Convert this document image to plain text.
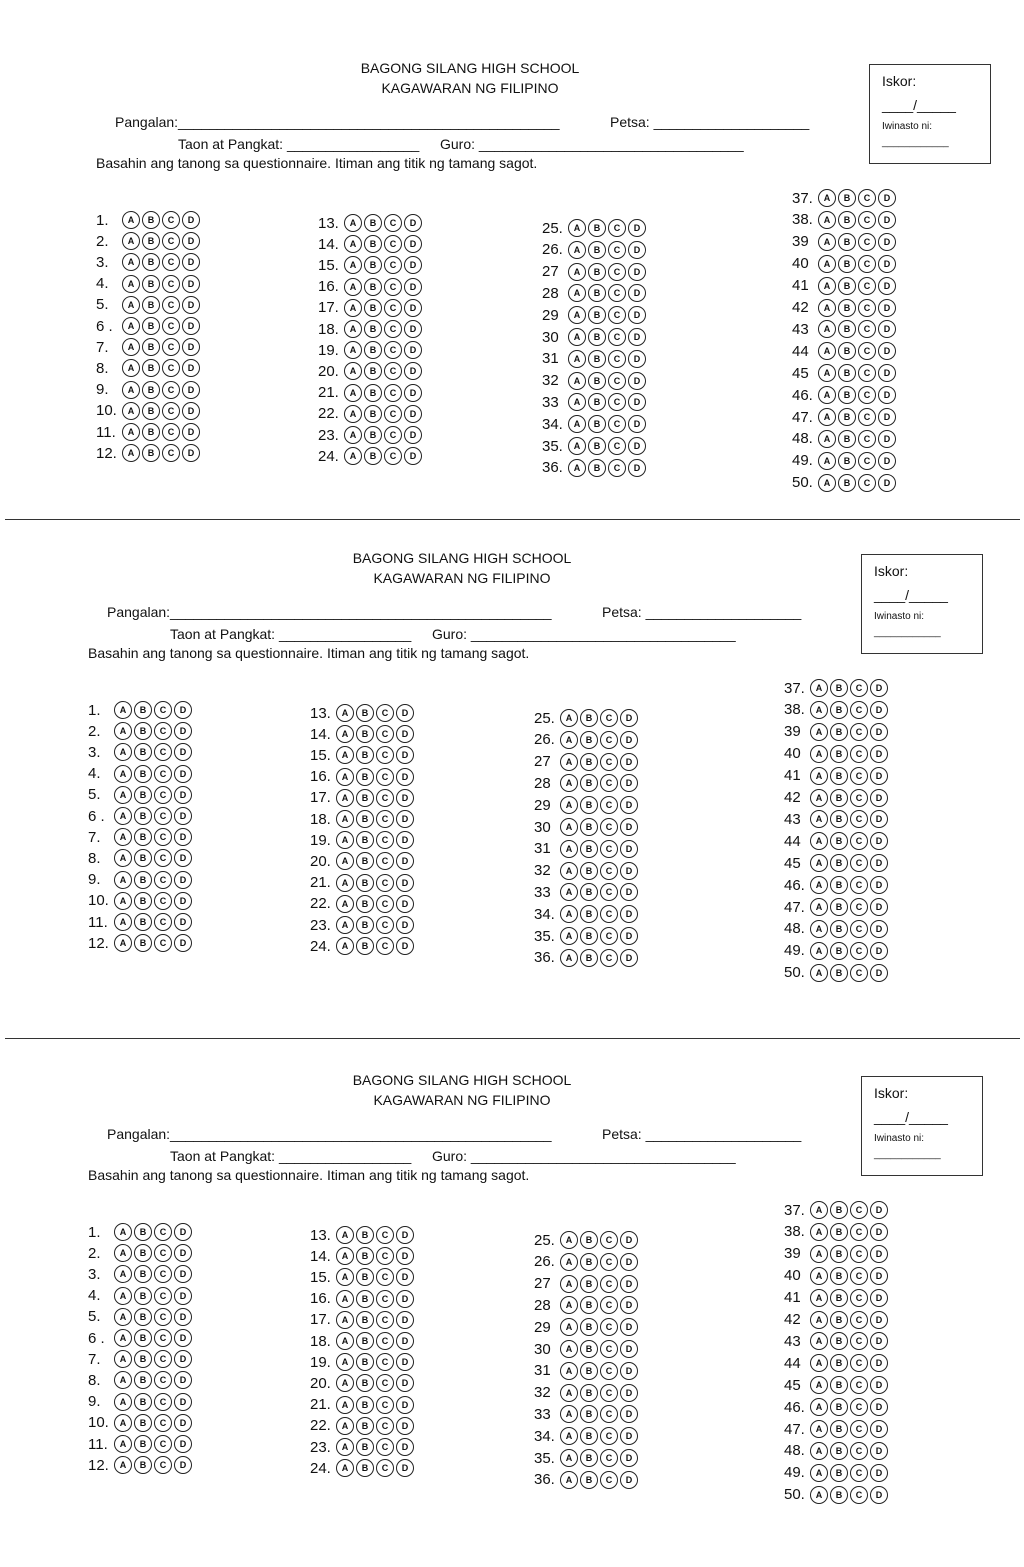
BAGONG SILANG HIGH SCHOOL
KAGAWARAN NG FILIPINO
Pangalan:_________________________________________________	Petsa: ____________________
Taon at Pangkat: _________________ Guro: __________________________________
Basahin ang tanong sa questionnaire. Itiman ang titik ng tamang sagot.
Iskor:
____/_____
Iwinasto ni:
____________
1.	A	B	C	D
2.	A	B	C	D
3.	A	B	C	D
4.	A	B	C	D
5.	A	B	C	D
6 .	A	B	C	D
7.	A	B	C	D
8.	A	B	C	D
9.	A	B	C	D
10.	A	B	C	D
11.	A	B	C	D
12.	A	B	C	D
13.	A	B	C	D
14.	A	B	C	D
15.	A	B	C	D
16.	A	B	C	D
17.	A	B	C	D
18.	A	B	C	D
19.	A	B	C	D
20.	A	B	C	D
21.	A	B	C	D
22.	A	B	C	D
23.	A	B	C	D
24.	A	B	C	D
25.	A	B	C	D
26.	A	B	C	D
27	A	B	C	D
28	A	B	C	D
29	A	B	C	D
30	A	B	C	D
31	A	B	C	D
32	A	B	C	D
33	A	B	C	D
34.	A	B	C	D
35.	A	B	C	D
36.	A	B	C	D
37.	A	B	C	D
38.	A	B	C	D
39	A	B	C	D
40	A	B	C	D
41	A	B	C	D
42	A	B	C	D
43	A	B	C	D
44	A	B	C	D
45	A	B	C	D
46.	A	B	C	D
47.	A	B	C	D
48.	A	B	C	D
49.	A	B	C	D
50.	A	B	C	D
BAGONG SILANG HIGH SCHOOL
KAGAWARAN NG FILIPINO
Pangalan:_________________________________________________	Petsa: ____________________
Taon at Pangkat: _________________ Guro: __________________________________
Basahin ang tanong sa questionnaire. Itiman ang titik ng tamang sagot.
Iskor:
____/_____
Iwinasto ni:
____________
1.	A	B	C	D
2.	A	B	C	D
3.	A	B	C	D
4.	A	B	C	D
5.	A	B	C	D
6 .	A	B	C	D
7.	A	B	C	D
8.	A	B	C	D
9.	A	B	C	D
10.	A	B	C	D
11.	A	B	C	D
12.	A	B	C	D
13.	A	B	C	D
14.	A	B	C	D
15.	A	B	C	D
16.	A	B	C	D
17.	A	B	C	D
18.	A	B	C	D
19.	A	B	C	D
20.	A	B	C	D
21.	A	B	C	D
22.	A	B	C	D
23.	A	B	C	D
24.	A	B	C	D
25.	A	B	C	D
26.	A	B	C	D
27	A	B	C	D
28	A	B	C	D
29	A	B	C	D
30	A	B	C	D
31	A	B	C	D
32	A	B	C	D
33	A	B	C	D
34.	A	B	C	D
35.	A	B	C	D
36.	A	B	C	D
37.	A	B	C	D
38.	A	B	C	D
39	A	B	C	D
40	A	B	C	D
41	A	B	C	D
42	A	B	C	D
43	A	B	C	D
44	A	B	C	D
45	A	B	C	D
46.	A	B	C	D
47.	A	B	C	D
48.	A	B	C	D
49.	A	B	C	D
50.	A	B	C	D
BAGONG SILANG HIGH SCHOOL
KAGAWARAN NG FILIPINO
Pangalan:_________________________________________________	Petsa: ____________________
Taon at Pangkat: _________________ Guro: __________________________________
Basahin ang tanong sa questionnaire. Itiman ang titik ng tamang sagot.
Iskor:
____/_____
Iwinasto ni:
____________
1.	A	B	C	D
2.	A	B	C	D
3.	A	B	C	D
4.	A	B	C	D
5.	A	B	C	D
6 .	A	B	C	D
7.	A	B	C	D
8.	A	B	C	D
9.	A	B	C	D
10.	A	B	C	D
11.	A	B	C	D
12.	A	B	C	D
13.	A	B	C	D
14.	A	B	C	D
15.	A	B	C	D
16.	A	B	C	D
17.	A	B	C	D
18.	A	B	C	D
19.	A	B	C	D
20.	A	B	C	D
21.	A	B	C	D
22.	A	B	C	D
23.	A	B	C	D
24.	A	B	C	D
25.	A	B	C	D
26.	A	B	C	D
27	A	B	C	D
28	A	B	C	D
29	A	B	C	D
30	A	B	C	D
31	A	B	C	D
32	A	B	C	D
33	A	B	C	D
34.	A	B	C	D
35.	A	B	C	D
36.	A	B	C	D
37.	A	B	C	D
38.	A	B	C	D
39	A	B	C	D
40	A	B	C	D
41	A	B	C	D
42	A	B	C	D
43	A	B	C	D
44	A	B	C	D
45	A	B	C	D
46.	A	B	C	D
47.	A	B	C	D
48.	A	B	C	D
49.	A	B	C	D
50.	A	B	C	D
